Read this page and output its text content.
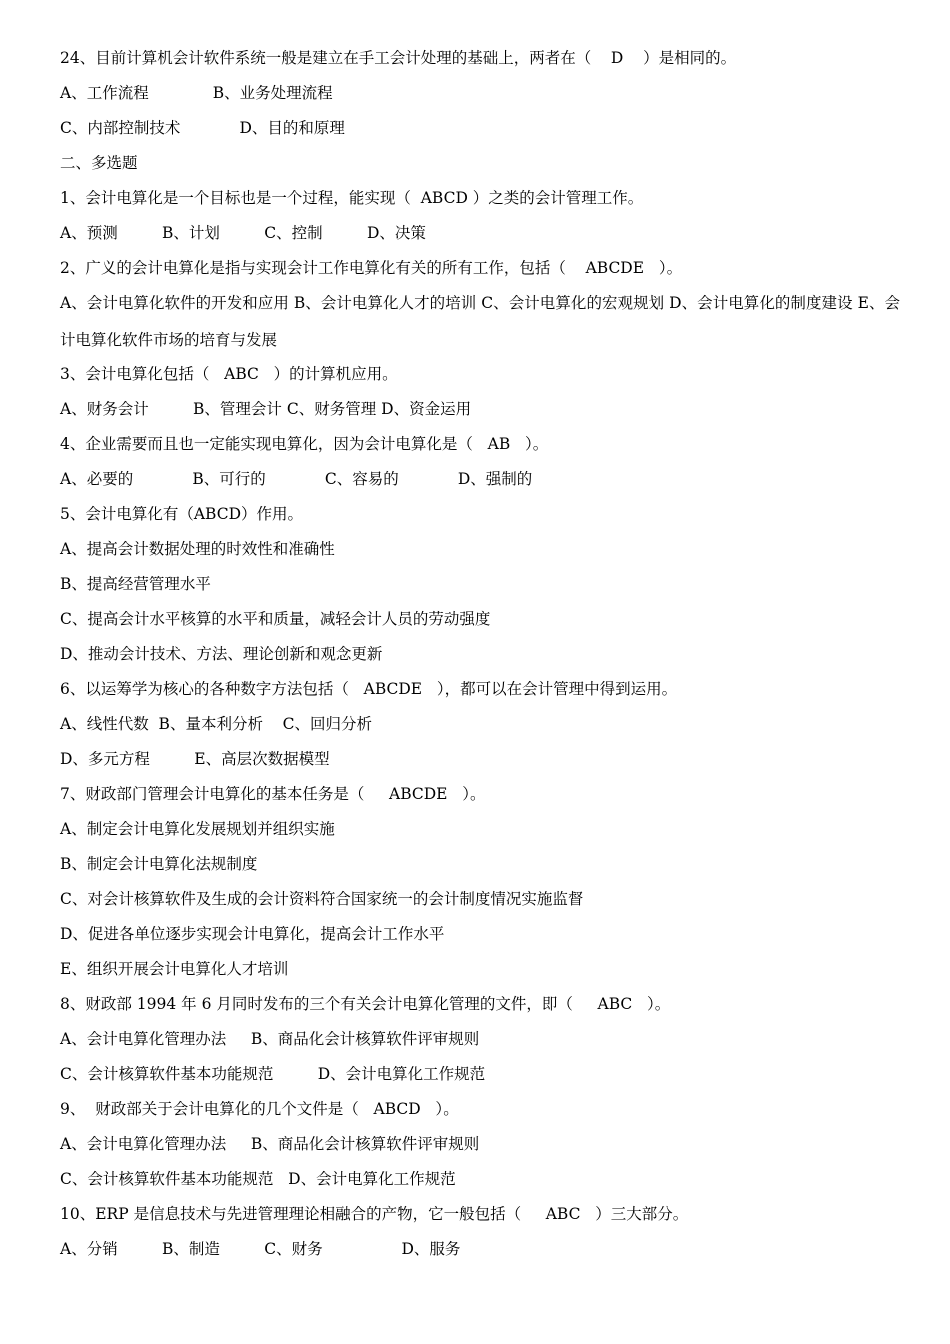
24、目前计算机会计软件系统一般是建立在手工会计处理的基础上，两者在（    D    ）是相同的。

A、工作流程             B、业务处理流程

C、内部控制技术            D、目的和原理

二、多选题

1、会计电算化是一个目标也是一个过程，能实现（  ABCD ）之类的会计管理工作。

A、预测         B、计划         C、控制         D、决策

2、广义的会计电算化是指与实现会计工作电算化有关的所有工作，包括（    ABCDE   ）。

A、会计电算化软件的开发和应用 B、会计电算化人才的培训 C、会计电算化的宏观规划 D、会计电算化的制度建设 E、会计电算化软件市场的培育与发展

3、会计电算化包括（   ABC   ）的计算机应用。

A、财务会计         B、管理会计 C、财务管理 D、资金运用

4、企业需要而且也一定能实现电算化，因为会计电算化是（   AB   ）。

A、必要的            B、可行的            C、容易的            D、强制的

5、会计电算化有（ABCD）作用。

A、提高会计数据处理的时效性和准确性

B、提高经营管理水平

C、提高会计水平核算的水平和质量，减轻会计人员的劳动强度

D、推动会计技术、方法、理论创新和观念更新

6、以运筹学为核心的各种数字方法包括（   ABCDE   ），都可以在会计管理中得到运用。

A、线性代数  B、量本利分析    C、回归分析

D、多元方程         E、高层次数据模型

7、财政部门管理会计电算化的基本任务是（     ABCDE   ）。

A、制定会计电算化发展规划并组织实施

B、制定会计电算化法规制度

C、对会计核算软件及生成的会计资料符合国家统一的会计制度情况实施监督

D、促进各单位逐步实现会计电算化，提高会计工作水平

E、组织开展会计电算化人才培训

8、财政部 1994 年 6 月同时发布的三个有关会计电算化管理的文件，即（     ABC   ）。

A、会计电算化管理办法     B、商品化会计核算软件评审规则

C、会计核算软件基本功能规范         D、会计电算化工作规范

9、  财政部关于会计电算化的几个文件是（   ABCD   ）。

A、会计电算化管理办法     B、商品化会计核算软件评审规则

C、会计核算软件基本功能规范   D、会计电算化工作规范

10、ERP 是信息技术与先进管理理论相融合的产物，它一般包括（     ABC   ）三大部分。

A、分销         B、制造         C、财务                D、服务
